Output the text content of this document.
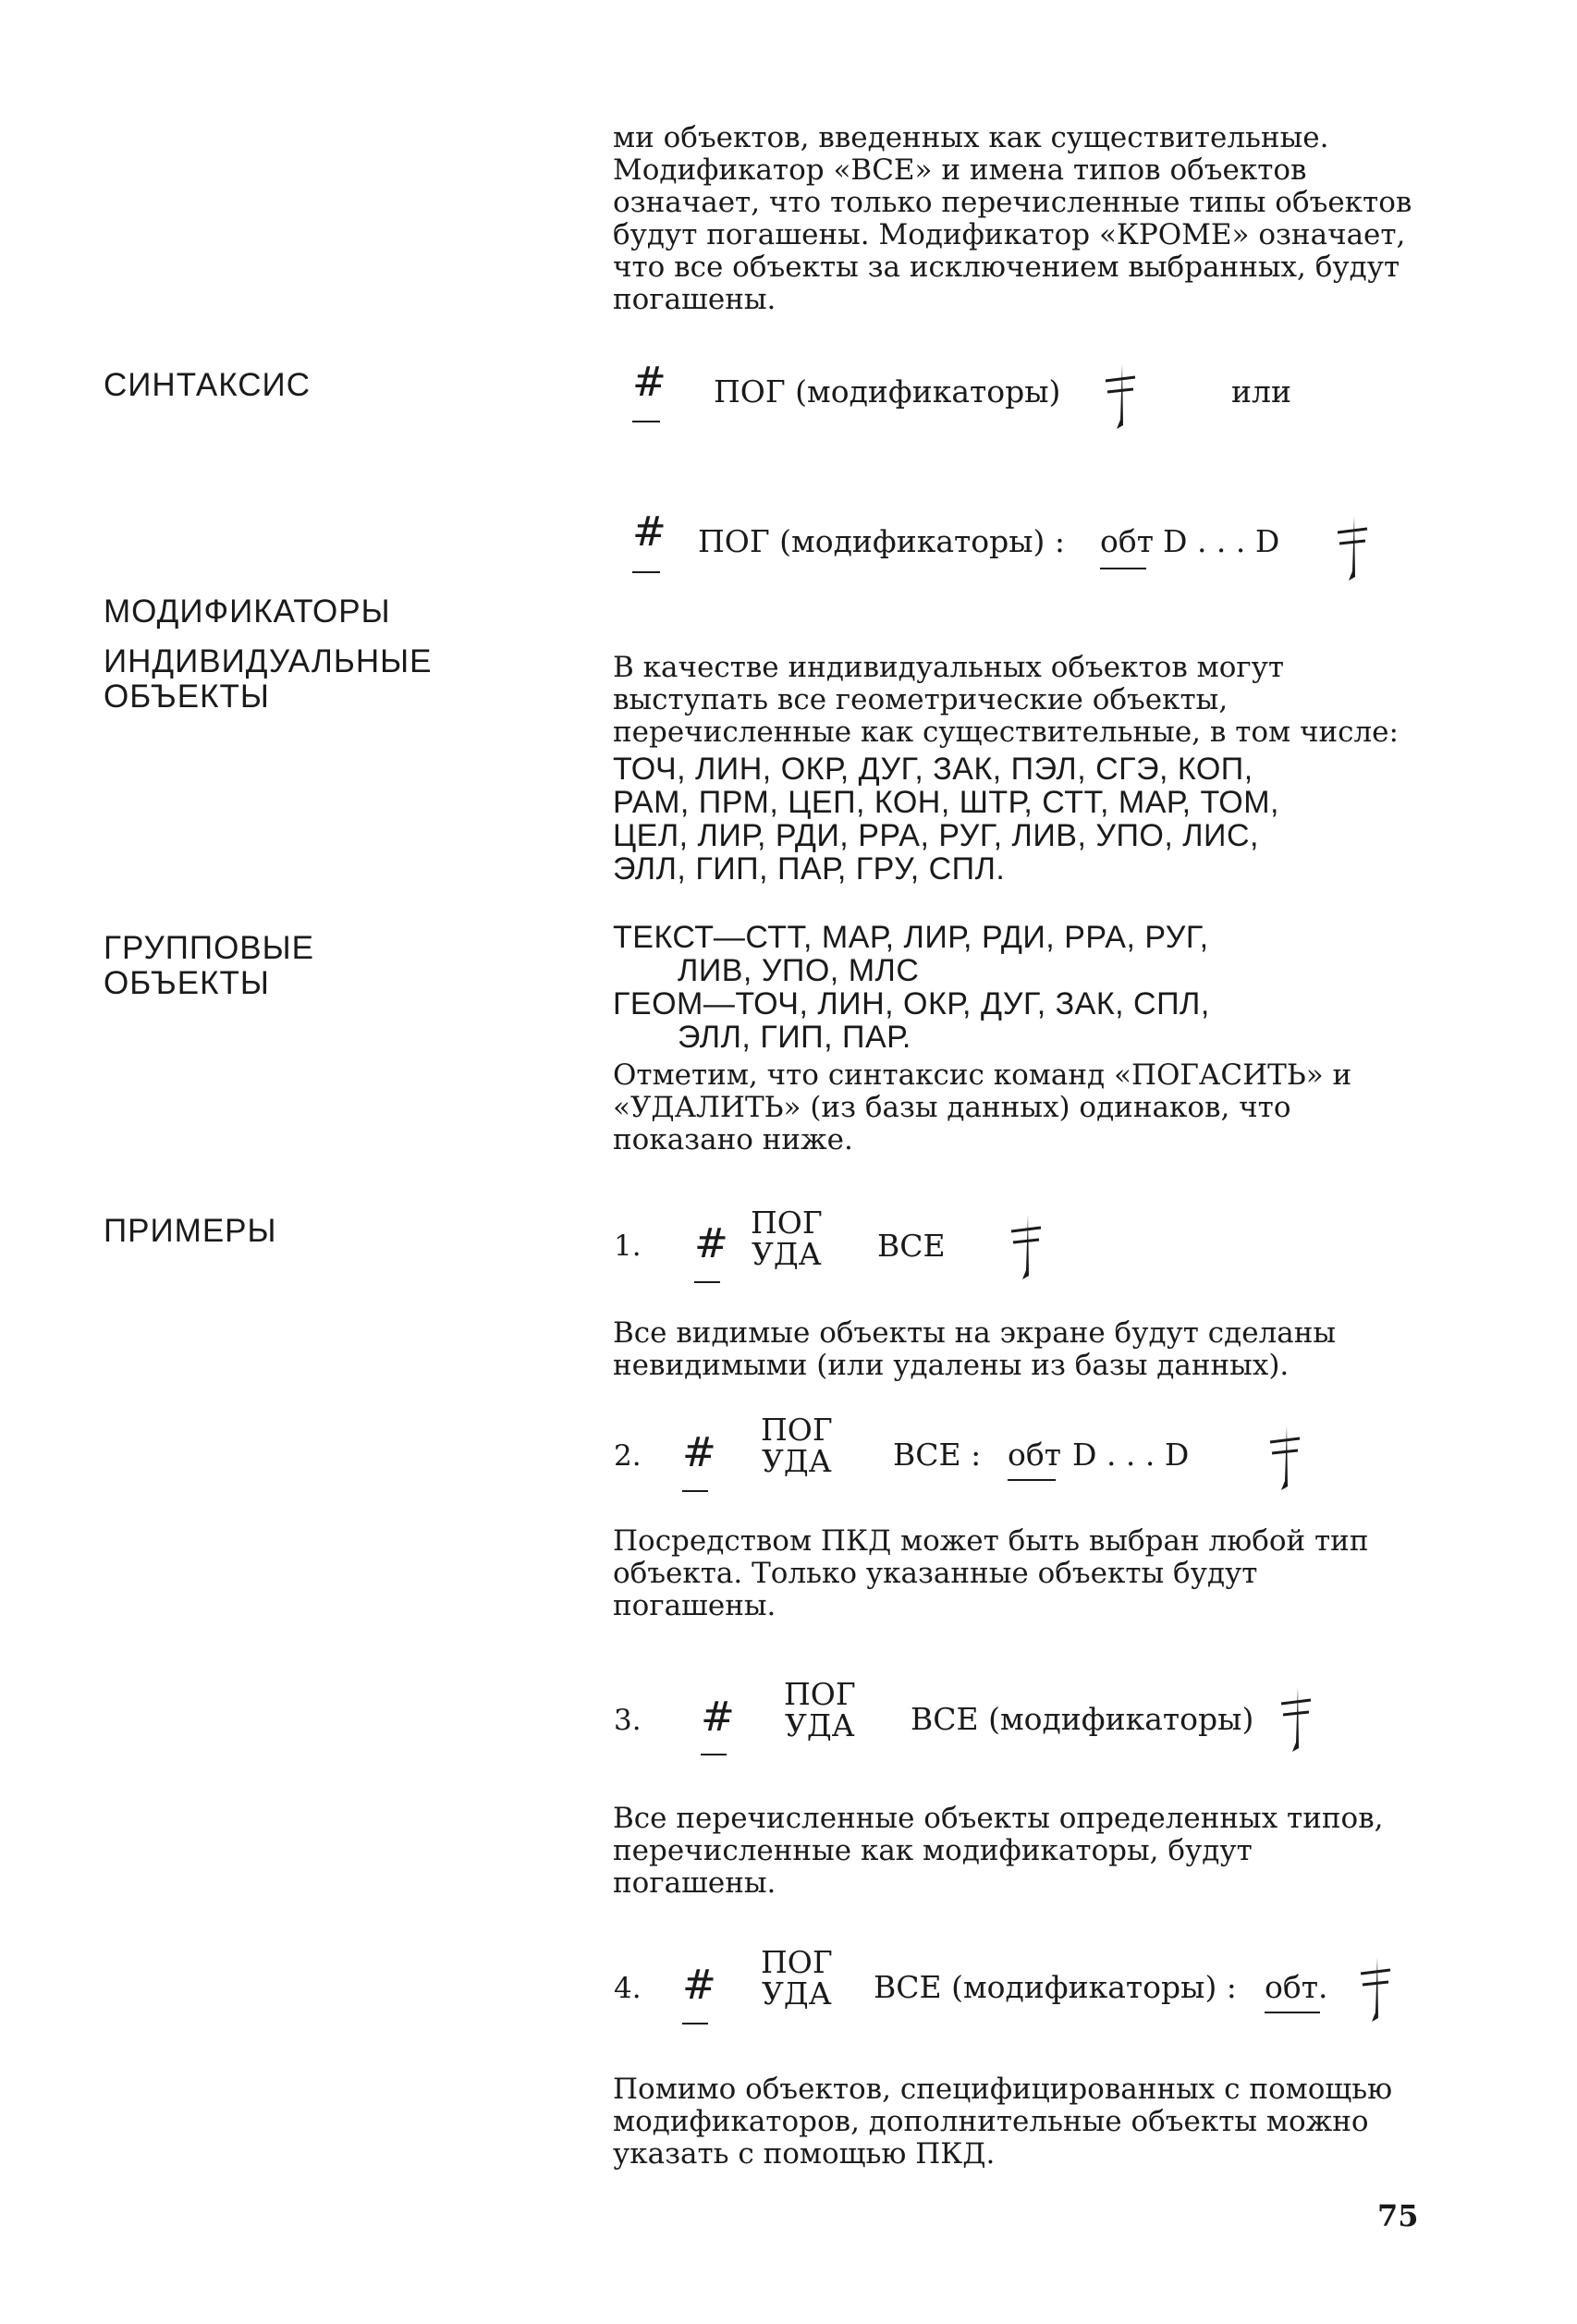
ми объектов, введенных как существительные. Модификатор «ВСЕ» и имена типов объектов означает, что только перечисленные типы объектов будут погашены. Модификатор «КРОМЕ» означает, что все объекты за исключением выбранных, будут погашены.

СИНТАКСИС	# ПОГ (модификаторы)	или
# ПОГ (модификаторы) : обт D . . . D
МОДИФИКАТОРЫ
ИНДИВИДУАЛЬНЫЕ
ОБЪЕКТЫ

В качестве индивидуальных объектов могут выступать все геометрические объекты, перечисленные как существительные, в том числе:

ТОЧ, ЛИН, ОКР, ДУГ, ЗАК, ПЭЛ, СГЭ, КОП,
РАМ, ПРМ, ЦЕП, КОН, ШТР, СТТ, МАР, ТОМ,
ЦЕЛ, ЛИР, РДИ, РРА, РУГ, ЛИВ, УПО, ЛИС,
ЭЛЛ, ГИП, ПАР, ГРУ, СПЛ.
ГРУППОВЫЕ
ОБЪЕКТЫ
ТЕКСТ—СТТ, МАР, ЛИР, РДИ, РРА, РУГ,
ЛИВ, УПО, МЛС
ГЕОМ—ТОЧ, ЛИН, ОКР, ДУГ, ЗАК, СПЛ,
ЭЛЛ, ГИП, ПАР.

Отметим, что синтаксис команд «ПОГАСИТЬ» и «УДАЛИТЬ» (из базы данных) одинаков, что показано ниже.

ПРИМЕРЫ	1. # ПОГ
УДА ВСЕ

Все видимые объекты на экране будут сделаны невидимыми (или удалены из базы данных).

2. # ПОГ
УДА ВСЕ : обт D . . . D

Посредством ПКД может быть выбран любой тип объекта. Только указанные объекты будут погашены.

3. # ПОГ
УДА ВСЕ (модификаторы)

Все перечисленные объекты определенных типов, перечисленные как модификаторы, будут погашены.

4. # ПОГ
УДА ВСЕ (модификаторы) : обт.

Помимо объектов, специфицированных с помощью модификаторов, дополнительные объекты можно указать с помощью ПКД.

75
